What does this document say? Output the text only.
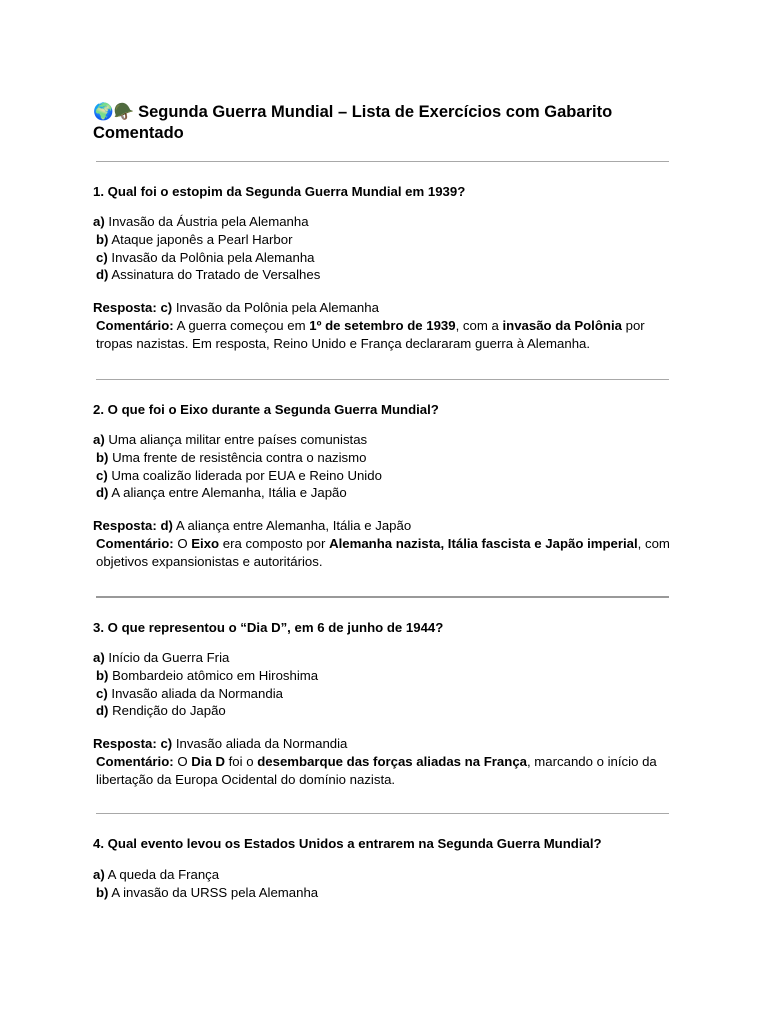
🌍🪖 Segunda Guerra Mundial – Lista de Exercícios com Gabarito Comentado

1. Qual foi o estopim da Segunda Guerra Mundial em 1939?

a) Invasão da Áustria pela Alemanha

b) Ataque japonês a Pearl Harbor

c) Invasão da Polônia pela Alemanha

d) Assinatura do Tratado de Versalhes

Resposta: c) Invasão da Polônia pela Alemanha

Comentário: A guerra começou em 1º de setembro de 1939, com a invasão da Polônia por tropas nazistas. Em resposta, Reino Unido e França declararam guerra à Alemanha.

2. O que foi o Eixo durante a Segunda Guerra Mundial?

a) Uma aliança militar entre países comunistas

b) Uma frente de resistência contra o nazismo

c) Uma coalizão liderada por EUA e Reino Unido

d) A aliança entre Alemanha, Itália e Japão

Resposta: d) A aliança entre Alemanha, Itália e Japão

Comentário: O Eixo era composto por Alemanha nazista, Itália fascista e Japão imperial, com objetivos expansionistas e autoritários.

3. O que representou o “Dia D”, em 6 de junho de 1944?

a) Início da Guerra Fria

b) Bombardeio atômico em Hiroshima

c) Invasão aliada da Normandia

d) Rendição do Japão

Resposta: c) Invasão aliada da Normandia

Comentário: O Dia D foi o desembarque das forças aliadas na França, marcando o início da libertação da Europa Ocidental do domínio nazista.

4. Qual evento levou os Estados Unidos a entrarem na Segunda Guerra Mundial?

a) A queda da França

b) A invasão da URSS pela Alemanha
